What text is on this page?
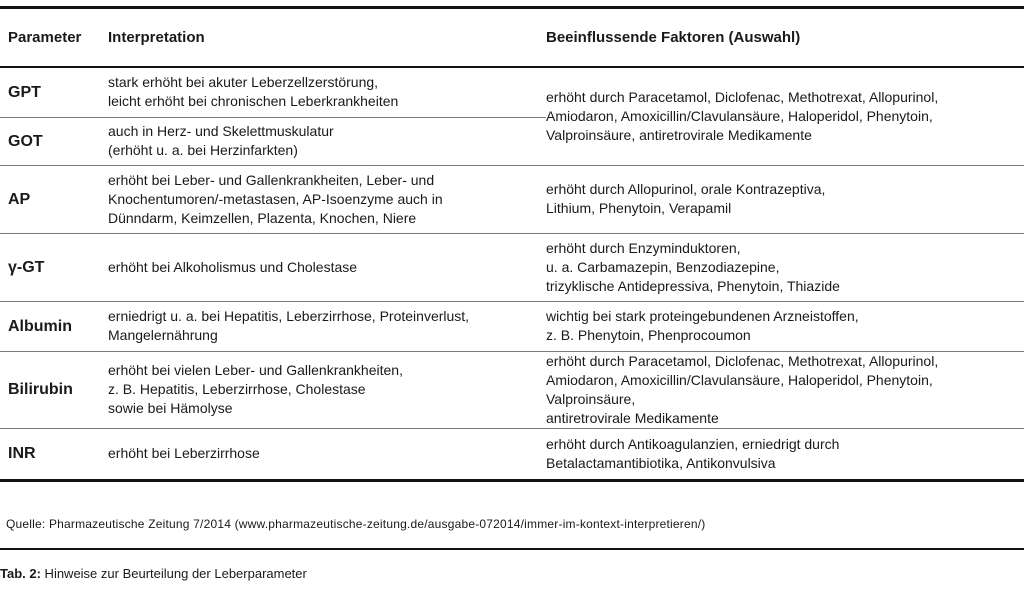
Parameter	Interpretation	Beeinflussende Faktoren (Auswahl)
GPT	stark erhöht bei akuter Leberzellzerstörung,
leicht erhöht bei chronischen Leberkrankheiten	erhöht durch Paracetamol, Diclofenac, Methotrexat, Allopurinol,
Amiodaron, Amoxicillin/Clavulansäure, Haloperidol, Phenytoin,
Valproinsäure, antiretrovirale Medikamente

GOT	auch in Herz- und Skelettmuskulatur
(erhöht u. a. bei Herzinfarkten)	

AP	erhöht bei Leber- und Gallenkrankheiten, Leber- und
Knochentumoren/-metastasen, AP-Isoenzyme auch in
Dünndarm, Keimzellen, Plazenta, Knochen, Niere	erhöht durch Allopurinol, orale Kontrazeptiva,
Lithium, Phenytoin, Verapamil

γ-GT	erhöht bei Alkoholismus und Cholestase	erhöht durch Enzyminduktoren,
u. a. Carbamazepin, Benzodiazepine,
trizyklische Antidepressiva, Phenytoin, Thiazide

Albumin	erniedrigt u. a. bei Hepatitis, Leberzirrhose, Proteinverlust,
Mangelernährung	wichtig bei stark proteingebundenen Arzneistoffen,
z. B. Phenytoin, Phenprocoumon

Bilirubin	erhöht bei vielen Leber- und Gallenkrankheiten,
z. B. Hepatitis, Leberzirrhose, Cholestase
sowie bei Hämolyse	erhöht durch Paracetamol, Diclofenac, Methotrexat, Allopurinol,
Amiodaron, Amoxicillin/Clavulansäure, Haloperidol, Phenytoin,
Valproinsäure,
antiretrovirale Medikamente

INR	erhöht bei Leberzirrhose	erhöht durch Antikoagulanzien, erniedrigt durch
Betalactamantibiotika, Antikonvulsiva
Quelle: Pharmazeutische Zeitung 7/2014 (www.pharmazeutische-zeitung.de/ausgabe-072014/immer-im-kontext-interpretieren/)
Tab. 2: Hinweise zur Beurteilung der Leberparameter
